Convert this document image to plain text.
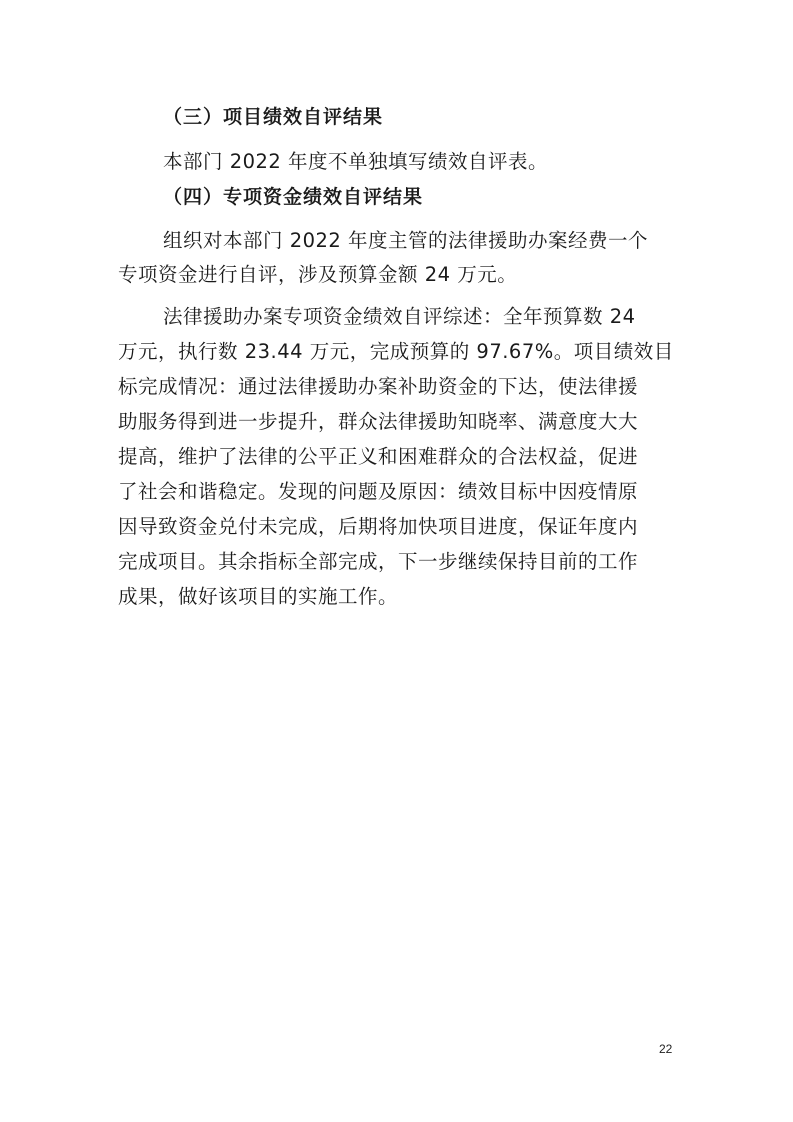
（三）项目绩效自评结果
本部门 2022 年度不单独填写绩效自评表。
（四）专项资金绩效自评结果
组织对本部门 2022 年度主管的法律援助办案经费一个
专项资金进行自评，涉及预算金额 24 万元。
法律援助办案专项资金绩效自评综述：全年预算数 24
万元，执行数 23.44 万元，完成预算的 97.67%。项目绩效目
标完成情况：通过法律援助办案补助资金的下达，使法律援
助服务得到进一步提升，群众法律援助知晓率、满意度大大
提高，维护了法律的公平正义和困难群众的合法权益，促进
了社会和谐稳定。发现的问题及原因：绩效目标中因疫情原
因导致资金兑付未完成，后期将加快项目进度，保证年度内
完成项目。其余指标全部完成，下一步继续保持目前的工作
成果，做好该项目的实施工作。
22
